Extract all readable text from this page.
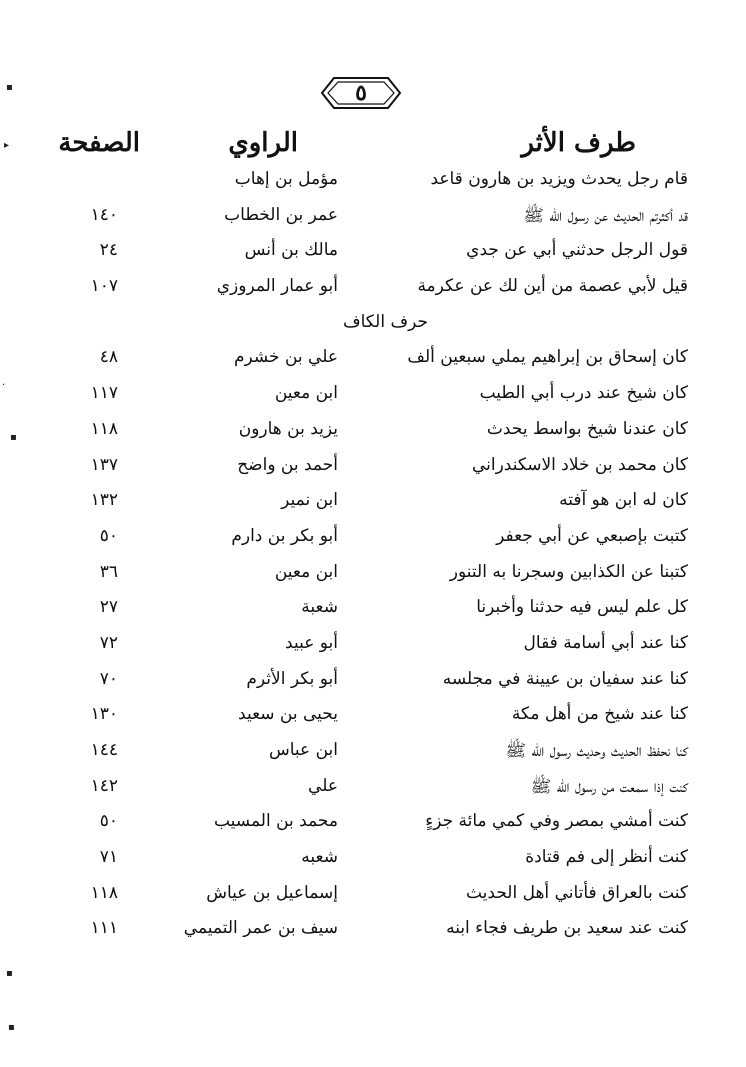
٥
طرف الأثر
الراوي
الصفحة
قام رجل يحدث ويزيد بن هارون قاعد
مؤمل بن إهاب
قد أكثرتم الحديث عن رسول الله ﷺ
عمر بن الخطاب
١٤٠
قول الرجل حدثني أبي عن جدي
مالك بن أنس
٢٤
قيل لأبي عصمة من أين لك عن عكرمة
أبو عمار المروزي
١٠٧
حرف الكاف
كان إسحاق بن إبراهيم يملي سبعين ألف
علي بن خشرم
٤٨
كان شيخ عند درب أبي الطيب
ابن معين
١١٧
كان عندنا شيخ بواسط يحدث
يزيد بن هارون
١١٨
كان محمد بن خلاد الاسكندراني
أحمد بن واضح
١٣٧
كان له ابن هو آفته
ابن نمير
١٣٢
كتبت بإصبعي عن أبي جعفر
أبو بكر بن دارم
٥٠
كتبنا عن الكذابين وسجرنا به التنور
ابن معين
٣٦
كل علم ليس فيه حدثنا وأخبرنا
شعبة
٢٧
كنا عند أبي أسامة فقال
أبو عبيد
٧٢
كنا عند سفيان بن عيينة في مجلسه
أبو بكر الأثرم
٧٠
كنا عند شيخ من أهل مكة
يحيى بن سعيد
١٣٠
كنا نحفظ الحديث وحديث رسول الله ﷺ
ابن عباس
١٤٤
كنت إذا سمعت من رسول الله ﷺ
علي
١٤٢
كنت أمشي بمصر وفي كمي مائة جزءٍ
محمد بن المسيب
٥٠
كنت أنظر إلى فم قتادة
شعبه
٧١
كنت بالعراق فأتاني أهل الحديث
إسماعيل بن عياش
١١٨
كنت عند سعيد بن طريف فجاء ابنه
سيف بن عمر التميمي
١١١
▪
▸
·
▪
▪
▪
